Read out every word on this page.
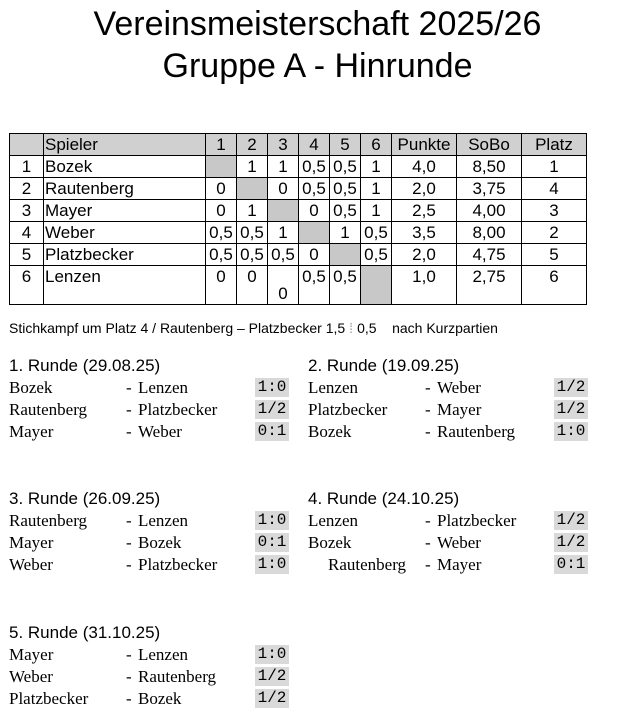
Vereinsmeisterschaft 2025/26
Gruppe A - Hinrunde
	Spieler	1	2	3	4	5	6	Punkte	SoBo	Platz
1	Bozek		1	1	0,5	0,5	1	4,0	8,50	1
2	Rautenberg	0		0	0,5	0,5	1	2,0	3,75	4
3	Mayer	0	1		0	0,5	1	2,5	4,00	3
4	Weber	0,5	0,5	1		1	0,5	3,5	8,00	2
5	Platzbecker	0,5	0,5	0,5	0		0,5	2,0	4,75	5
6	Lenzen	0	0	0	0,5	0,5		1,0	2,75	6
Stichkampf um Platz 4 / Rautenberg – Platzbecker 1,5 ⁞ 0,5 nach Kurzpartien
1. Runde (29.08.25)
Bozek	- Lenzen	1:0
Rautenberg - Platzbecker	1/2
Mayer	- Weber	0:1
2. Runde (19.09.25)
Lenzen	- Weber	1/2
Platzbecker - Mayer	1/2
Bozek	- Rautenberg	1:0
3. Runde (26.09.25)
Rautenberg - Lenzen	1:0
Mayer	- Bozek	0:1
Weber	- Platzbecker	1:0
4. Runde (24.10.25)
Lenzen	- Platzbecker	1/2
Bozek	- Weber	1/2
Rautenberg - Mayer	0:1
5. Runde (31.10.25)
Mayer	- Lenzen	1:0
Weber	- Rautenberg	1/2
Platzbecker - Bozek	1/2
